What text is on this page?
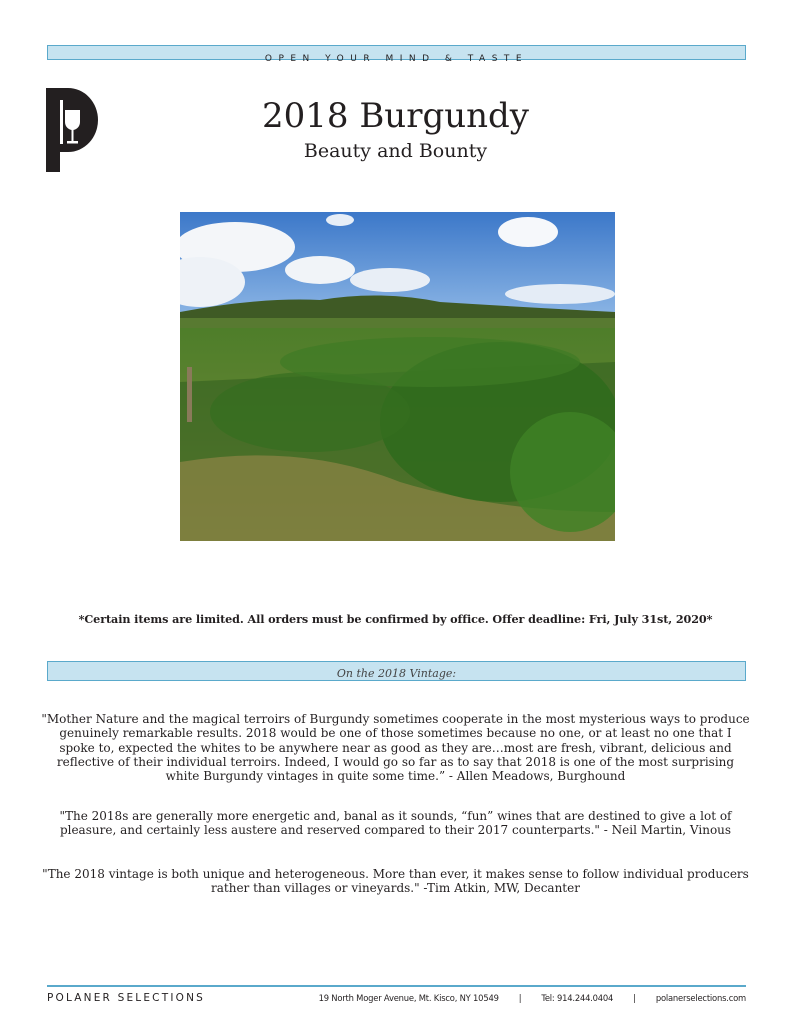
OPEN YOUR MIND & TASTE
2018 Burgundy
Beauty and Bounty
*Certain items are limited. All orders must be confirmed by office. Offer deadline: Fri, July 31st, 2020*
On the 2018 Vintage:
"Mother Nature and the magical terroirs of Burgundy sometimes cooperate in the most mysterious ways to produce genuinely remarkable results. 2018 would be one of those sometimes because no one, or at least no one that I spoke to, expected the whites to be anywhere near as good as they are…most are fresh, vibrant, delicious and reflective of their individual terroirs. Indeed, I would go so far as to say that 2018 is one of the most surprising white Burgundy vintages in quite some time.” - Allen Meadows, Burghound
"The 2018s are generally more energetic and, banal as it sounds, “fun” wines that are destined to give a lot of pleasure, and certainly less austere and reserved compared to their 2017 counterparts." - Neil Martin, Vinous
"The 2018 vintage is both unique and heterogeneous. More than ever, it makes sense to follow individual producers rather than villages or vineyards." -Tim Atkin, MW, Decanter
POLANER SELECTIONS	19 North Moger Avenue, Mt. Kisco, NY 10549 | Tel: 914.244.0404 | polanerselections.com
